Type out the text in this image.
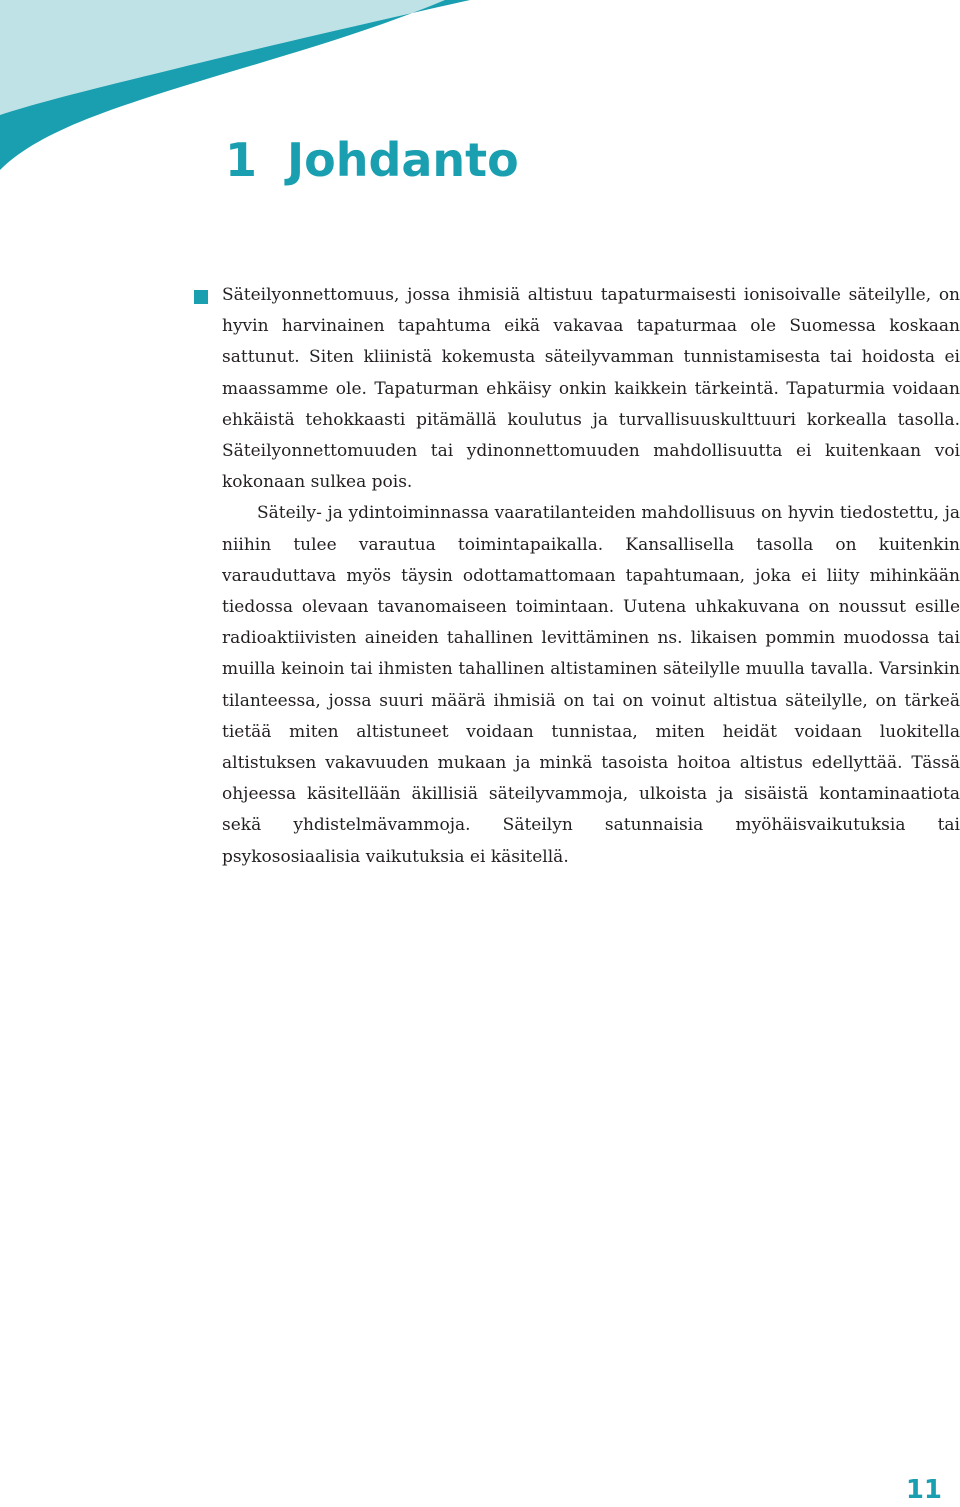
1 Johdanto

Säteilyonnettomuus, jossa ihmisiä altistuu tapaturmaisesti ionisoivalle säteilylle, on hyvin harvinainen tapahtuma eikä vakavaa tapaturmaa ole Suomessa koskaan sattunut. Siten kliinistä kokemusta säteilyvamman tunnistamisesta tai hoidosta ei maassamme ole. Tapaturman ehkäisy onkin kaikkein tärkeintä. Tapaturmia voidaan ehkäistä tehokkaasti pitämällä koulutus ja turvallisuuskulttuuri korkealla tasolla. Säteilyonnettomuuden tai ydinonnettomuuden mahdollisuutta ei kuitenkaan voi kokonaan sulkea pois.

Säteily- ja ydintoiminnassa vaaratilanteiden mahdollisuus on hyvin tiedostettu, ja niihin tulee varautua toimintapaikalla. Kansallisella tasolla on kuitenkin varauduttava myös täysin odottamattomaan tapahtumaan, joka ei liity mihinkään tiedossa olevaan tavanomaiseen toimintaan. Uutena uhkakuvana on noussut esille radioaktiivisten aineiden tahallinen levittäminen ns. likaisen pommin muodossa tai muilla keinoin tai ihmisten tahallinen altistaminen säteilylle muulla tavalla. Varsinkin tilanteessa, jossa suuri määrä ihmisiä on tai on voinut altistua säteilylle, on tärkeä tietää miten altistuneet voidaan tunnistaa, miten heidät voidaan luokitella altistuksen vakavuuden mukaan ja minkä tasoista hoitoa altistus edellyttää. Tässä ohjeessa käsitellään äkillisiä säteilyvammoja, ulkoista ja sisäistä kontaminaatiota sekä yhdistelmävammoja. Säteilyn satunnaisia myöhäisvaikutuksia tai psykososiaalisia vaikutuksia ei käsitellä.

11
